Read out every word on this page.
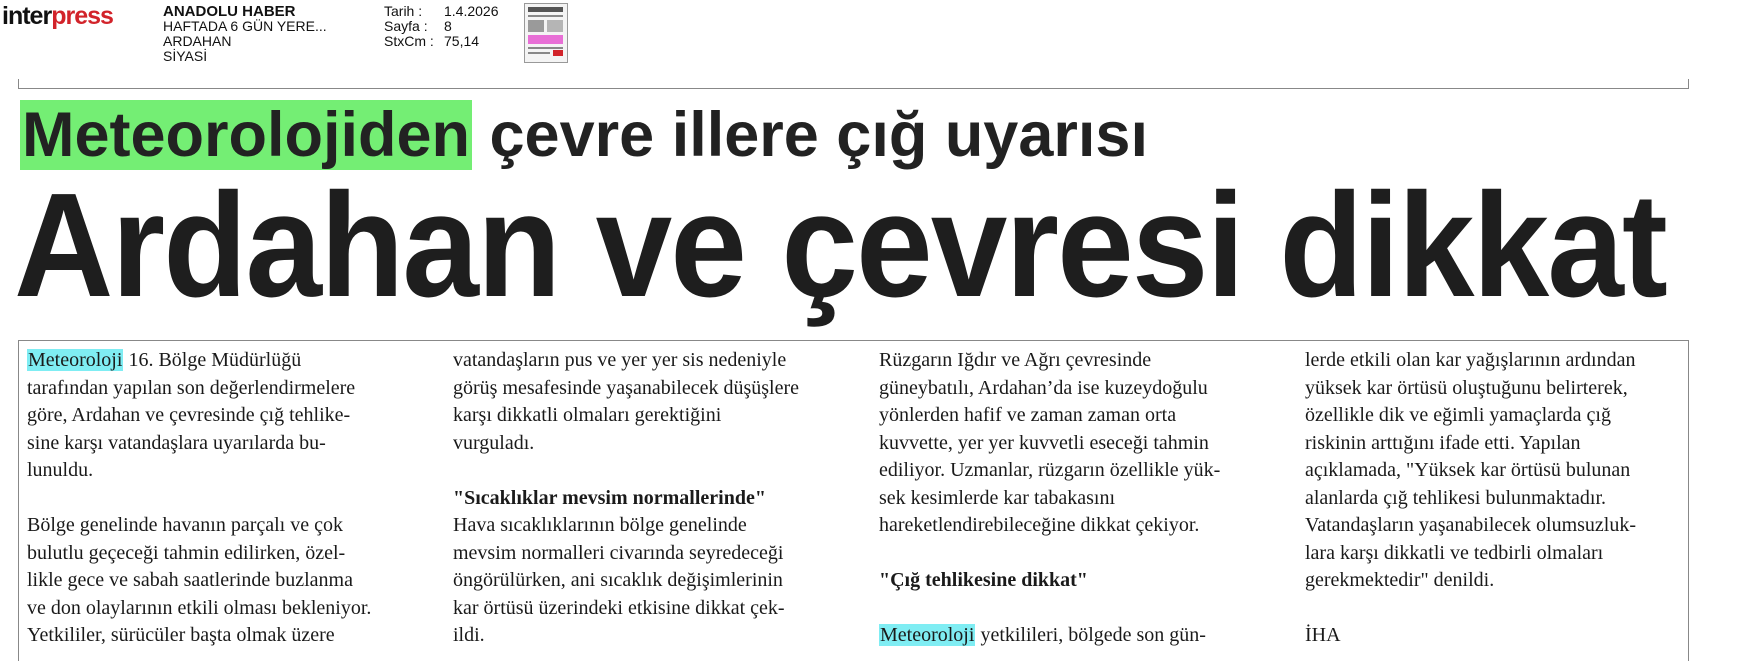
interpress	ANADOLU HABER
HAFTADA 6 GÜN YERE...
ARDAHAN
SİYASİ
Tarih :	1.4.2026
Sayfa :	8
StxCm : 75,14
Meteorolojiden çevre illere çığ uyarısı
Ardahan ve çevresi dikkat
Meteoroloji 16. Bölge Müdürlüğü
tarafından yapılan son değerlendirmelere
göre, Ardahan ve çevresinde çığ tehlike-
sine karşı vatandaşlara uyarılarda bu-
lunuldu.
Bölge genelinde havanın parçalı ve çok
bulutlu geçeceği tahmin edilirken, özel-
likle gece ve sabah saatlerinde buzlanma
ve don olaylarının etkili olması bekleniyor.
Yetkililer, sürücüler başta olmak üzere
vatandaşların pus ve yer yer sis nedeniyle
görüş mesafesinde yaşanabilecek düşüşlere
karşı dikkatli olmaları gerektiğini
vurguladı.
"Sıcaklıklar mevsim normallerinde"
Hava sıcaklıklarının bölge genelinde
mevsim normalleri civarında seyredeceği
öngörülürken, ani sıcaklık değişimlerinin
kar örtüsü üzerindeki etkisine dikkat çek-
ildi.
Rüzgarın Iğdır ve Ağrı çevresinde
güneybatılı, Ardahan’da ise kuzeydoğulu
yönlerden hafif ve zaman zaman orta
kuvvette, yer yer kuvvetli eseceği tahmin
ediliyor. Uzmanlar, rüzgarın özellikle yük-
sek kesimlerde kar tabakasını
hareketlendirebileceğine dikkat çekiyor.
"Çığ tehlikesine dikkat"
Meteoroloji yetkilileri, bölgede son gün-
lerde etkili olan kar yağışlarının ardından
yüksek kar örtüsü oluştuğunu belirterek,
özellikle dik ve eğimli yamaçlarda çığ
riskinin arttığını ifade etti. Yapılan
açıklamada, "Yüksek kar örtüsü bulunan
alanlarda çığ tehlikesi bulunmaktadır.
Vatandaşların yaşanabilecek olumsuzluk-
lara karşı dikkatli ve tedbirli olmaları
gerekmektedir" denildi.
İHA
